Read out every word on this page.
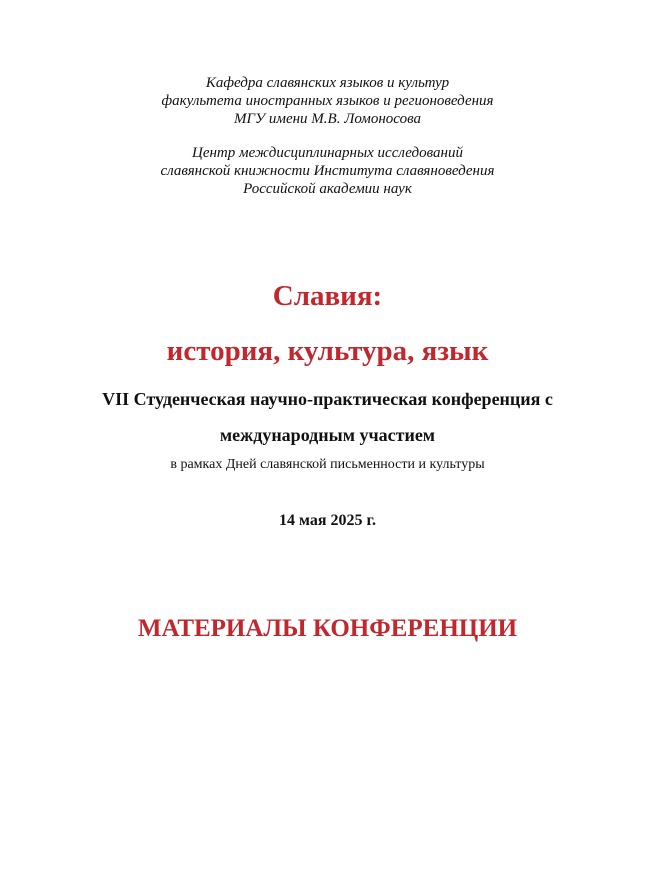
Кафедра славянских языков и культур
факультета иностранных языков и регионоведения
МГУ имени М.В. Ломоносова
Центр междисциплинарных исследований
славянской книжности Института славяноведения
Российской академии наук
Славия:
история, культура, язык
VII Студенческая научно-практическая конференция с
международным участием
в рамках Дней славянской письменности и культуры
14 мая 2025 г.
МАТЕРИАЛЫ КОНФЕРЕНЦИИ
